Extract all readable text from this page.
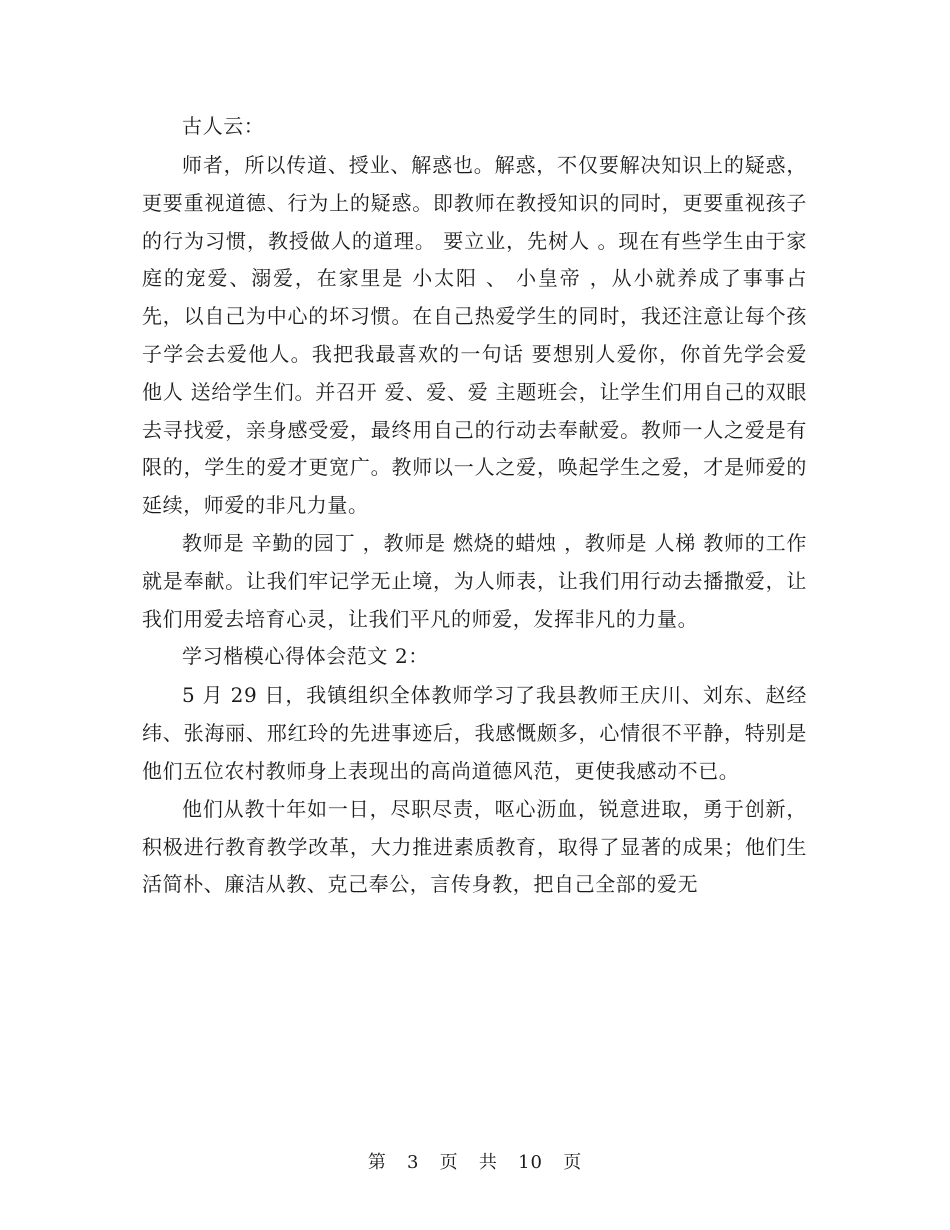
古人云：

师者，所以传道、授业、解惑也。解惑，不仅要解决知识上的疑惑，更要重视道德、行为上的疑惑。即教师在教授知识的同时，更要重视孩子的行为习惯，教授做人的道理。 要立业，先树人 。现在有些学生由于家庭的宠爱、溺爱，在家里是 小太阳 、 小皇帝 ，从小就养成了事事占先，以自己为中心的坏习惯。在自己热爱学生的同时，我还注意让每个孩子学会去爱他人。我把我最喜欢的一句话 要想别人爱你，你首先学会爱他人 送给学生们。并召开 爱、爱、爱 主题班会，让学生们用自己的双眼去寻找爱，亲身感受爱，最终用自己的行动去奉献爱。教师一人之爱是有限的，学生的爱才更宽广。教师以一人之爱，唤起学生之爱，才是师爱的延续，师爱的非凡力量。

教师是 辛勤的园丁 ，教师是 燃烧的蜡烛 ，教师是 人梯 教师的工作就是奉献。让我们牢记学无止境，为人师表，让我们用行动去播撒爱，让我们用爱去培育心灵，让我们平凡的师爱，发挥非凡的力量。

学习楷模心得体会范文 2：

5 月 29 日，我镇组织全体教师学习了我县教师王庆川、刘东、赵经纬、张海丽、邢红玲的先进事迹后，我感慨颇多，心情很不平静，特别是他们五位农村教师身上表现出的高尚道德风范，更使我感动不已。

他们从教十年如一日，尽职尽责，呕心沥血，锐意进取，勇于创新，积极进行教育教学改革，大力推进素质教育，取得了显著的成果；他们生活简朴、廉洁从教、克己奉公，言传身教，把自己全部的爱无

第 3 页 共 10 页
